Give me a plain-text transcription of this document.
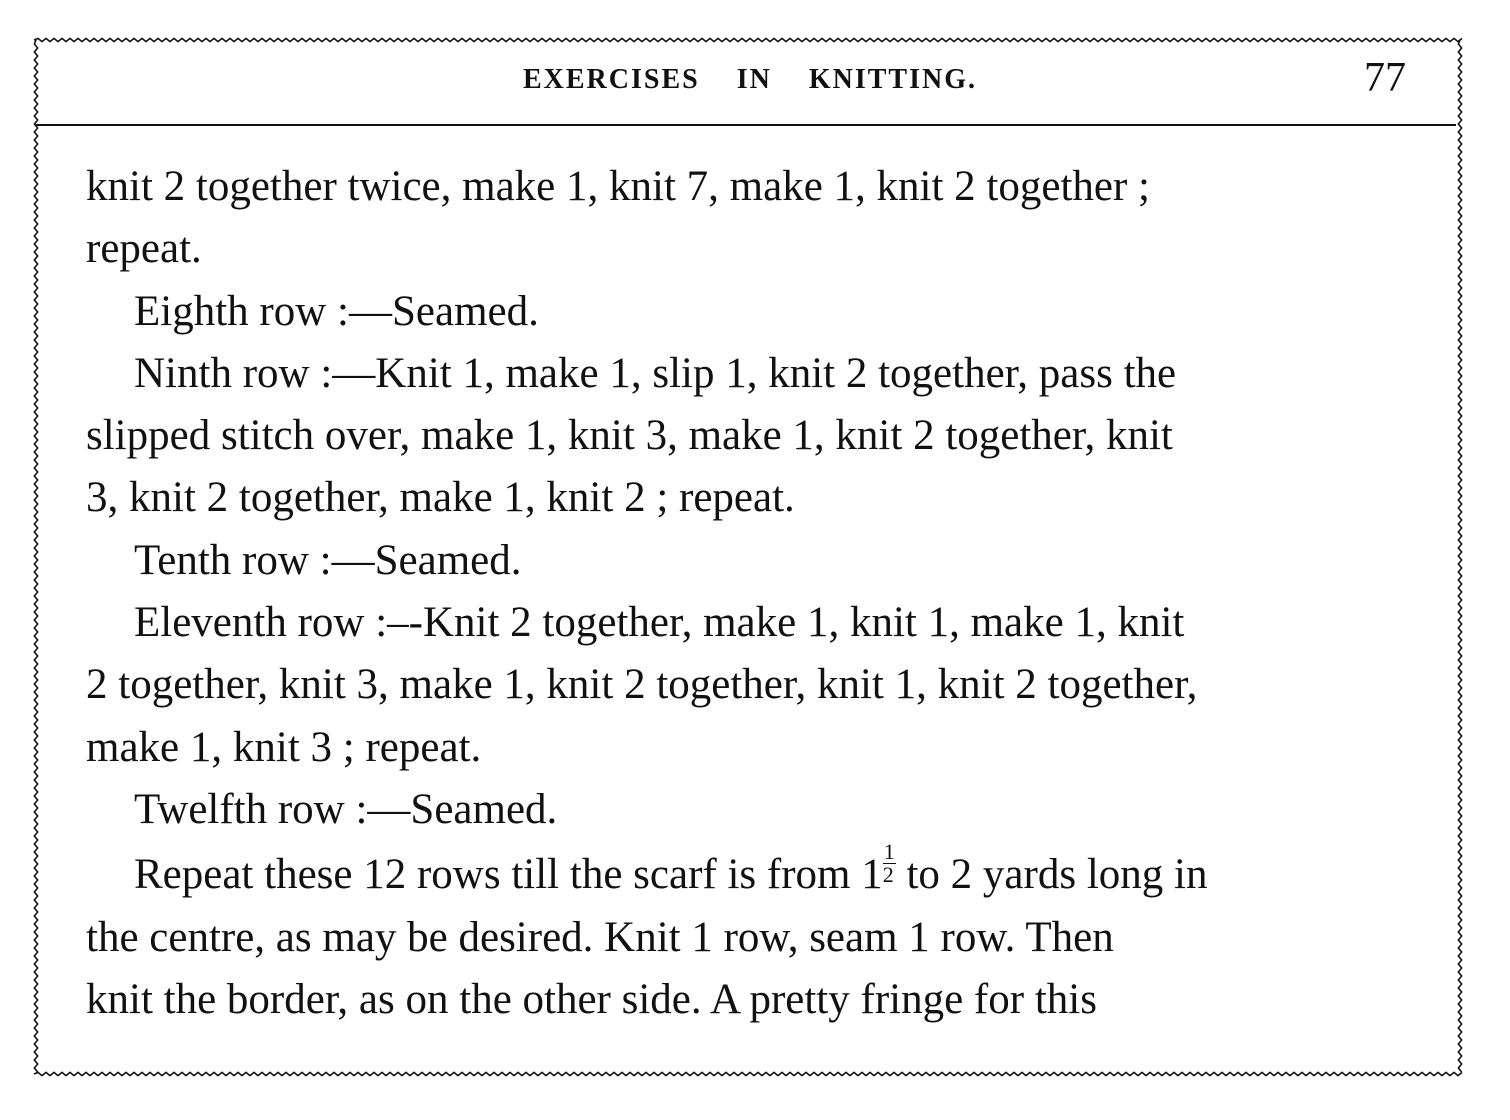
EXERCISES IN KNITTING.	77

knit 2 together twice, make 1, knit 7, make 1, knit 2 together ;

repeat.

Eighth row :—Seamed.

Ninth row :—Knit 1, make 1, slip 1, knit 2 together, pass the

slipped stitch over, make 1, knit 3, make 1, knit 2 together, knit

3, knit 2 together, make 1, knit 2 ; repeat.

Tenth row :—Seamed.

Eleventh row :–-Knit 2 together, make 1, knit 1, make 1, knit

2 together, knit 3, make 1, knit 2 together, knit 1, knit 2 together,

make 1, knit 3 ; repeat.

Twelfth row :—Seamed.

Repeat these 12 rows till the scarf is from $1 \frac{1}{2}$ to 2 yards long in

the centre, as may be desired. Knit 1 row, seam 1 row. Then

knit the border, as on the other side. A pretty fringe for this
